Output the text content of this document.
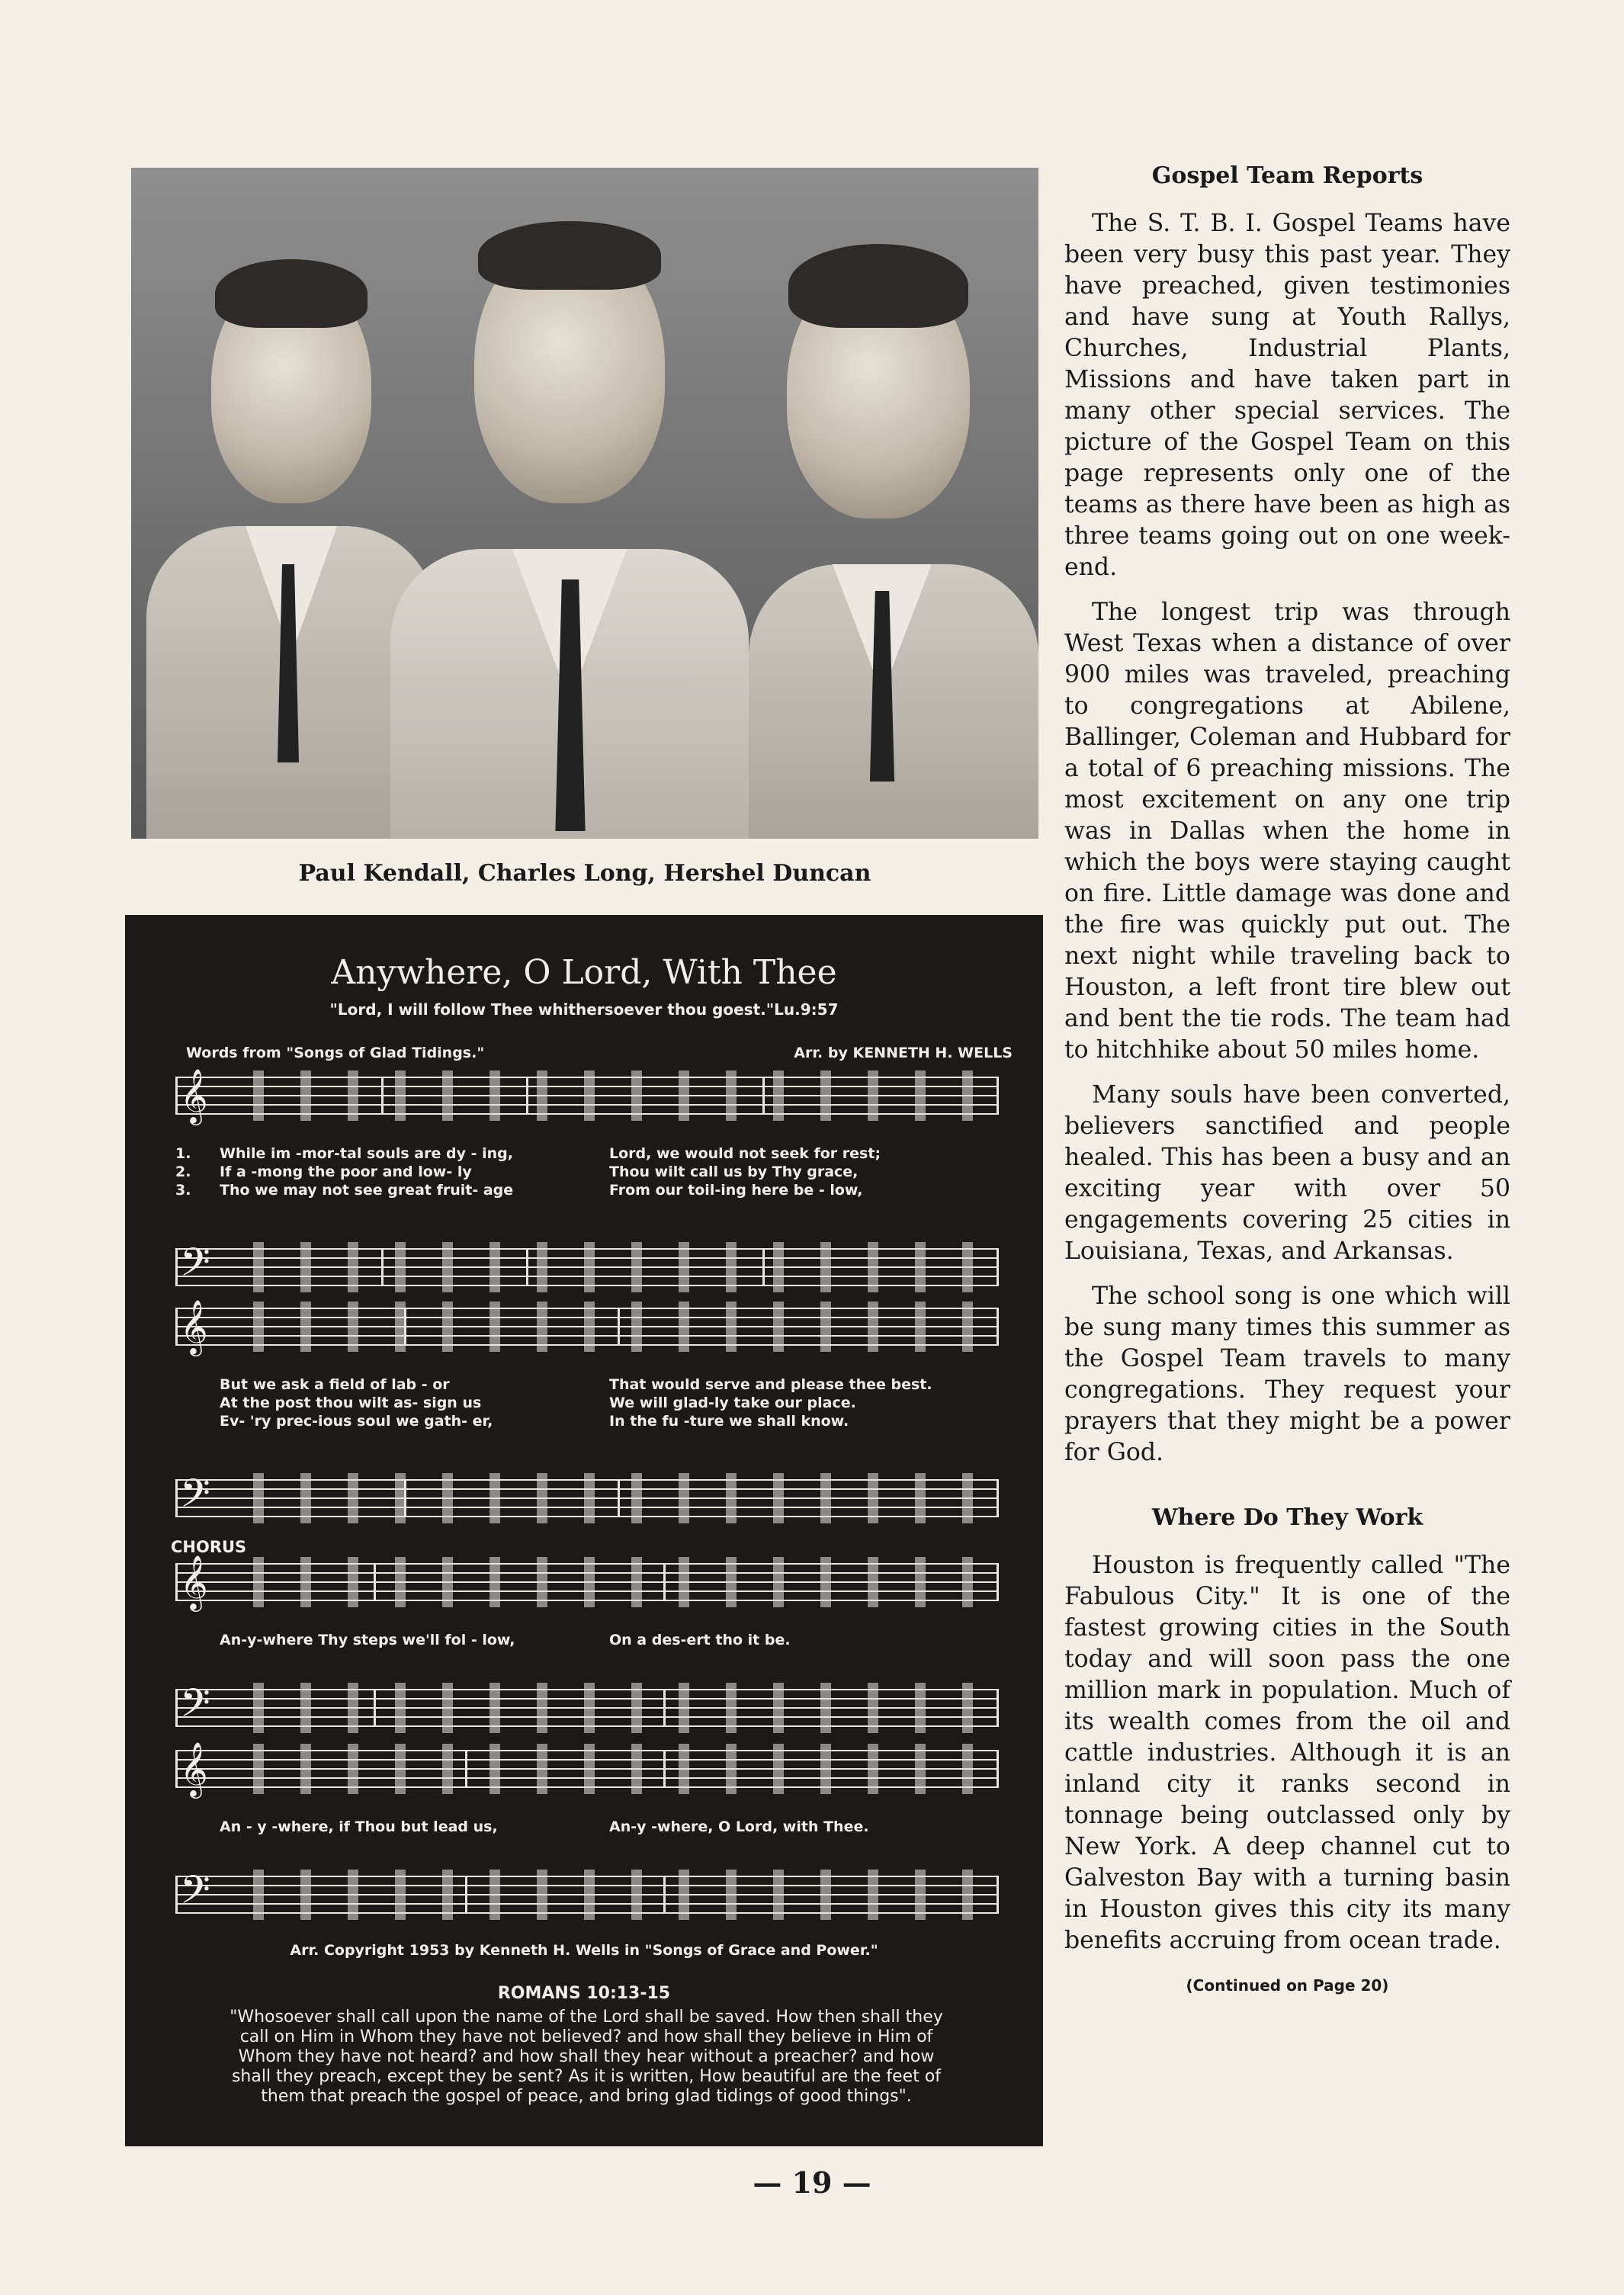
Paul Kendall, Charles Long, Hershel Duncan
Anywhere, O Lord, With Thee
"Lord, I will follow Thee whithersoever thou goest."Lu.9:57
Words from "Songs of Glad Tidings."	Arr. by KENNETH H. WELLS
𝄞
1.	While im -mor-tal souls are dy - ing,	Lord, we would not seek for rest;
2.	If a -mong the poor and low- ly	Thou wilt call us by Thy grace,
3.	Tho we may not see great fruit- age	From our toil-ing here be - low,
𝄢
𝄞
But we ask a field of lab - or	That would serve and please thee best.
At the post thou wilt as- sign us	We will glad-ly take our place.
Ev- 'ry prec-ious soul we gath- er,	In the fu -ture we shall know.
𝄢
CHORUS
𝄞
An-y-where Thy steps we'll fol - low,	On a des-ert tho it be.
𝄢
𝄞
An - y -where, if Thou but lead us,	An-y -where, O Lord, with Thee.
𝄢
Arr. Copyright 1953 by Kenneth H. Wells in "Songs of Grace and Power."
ROMANS 10:13-15
"Whosoever shall call upon the name of the Lord shall be saved. How then shall they call on Him in Whom they have not believed? and how shall they believe in Him of Whom they have not heard? and how shall they hear without a preacher? and how shall they preach, except they be sent? As it is written, How beautiful are the feet of them that preach the gospel of peace, and bring glad tidings of good things".
Gospel Team Reports

The S. T. B. I. Gospel Teams have been very busy this past year. They have preached, given testimonies and have sung at Youth Rallys, Churches, Industrial Plants, Missions and have taken part in many other special services. The picture of the Gospel Team on this page represents only one of the teams as there have been as high as three teams going out on one week-end.

The longest trip was through West Texas when a distance of over 900 miles was traveled, preaching to congregations at Abilene, Ballinger, Coleman and Hubbard for a total of 6 preaching missions. The most excitement on any one trip was in Dallas when the home in which the boys were staying caught on fire. Little damage was done and the fire was quickly put out. The next night while traveling back to Houston, a left front tire blew out and bent the tie rods. The team had to hitchhike about 50 miles home.

Many souls have been converted, believers sanctified and people healed. This has been a busy and an exciting year with over 50 engagements covering 25 cities in Louisiana, Texas, and Arkansas.

The school song is one which will be sung many times this summer as the Gospel Team travels to many congregations. They request your prayers that they might be a power for God.

Where Do They Work

Houston is frequently called "The Fabulous City." It is one of the fastest growing cities in the South today and will soon pass the one million mark in population. Much of its wealth comes from the oil and cattle industries. Although it is an inland city it ranks second in tonnage being outclassed only by New York. A deep channel cut to Galveston Bay with a turning basin in Houston gives this city its many benefits accruing from ocean trade.

(Continued on Page 20)
— 19 —
